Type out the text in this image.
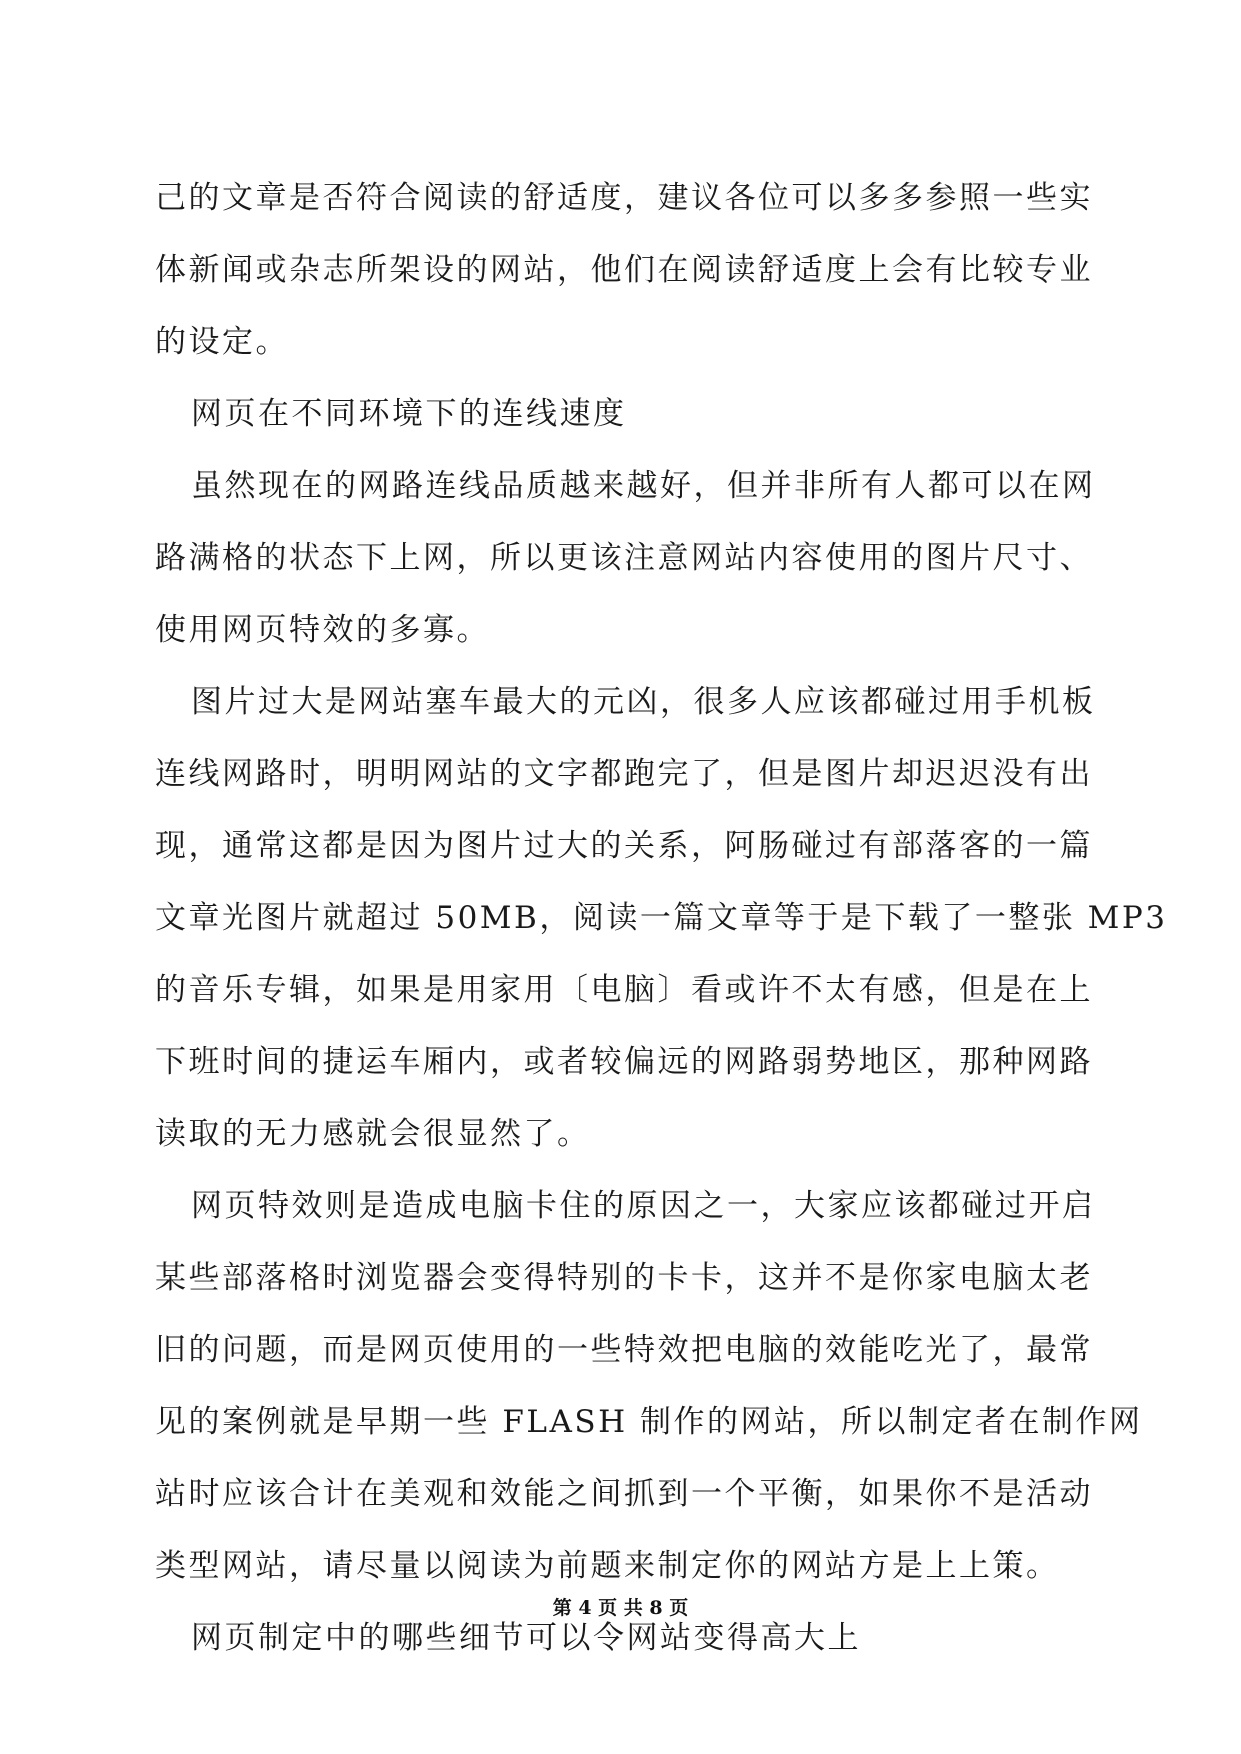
己的文章是否符合阅读的舒适度，建议各位可以多多参照一些实
体新闻或杂志所架设的网站，他们在阅读舒适度上会有比较专业
的设定。
网页在不同环境下的连线速度
虽然现在的网路连线品质越来越好，但并非所有人都可以在网
路满格的状态下上网，所以更该注意网站内容使用的图片尺寸、
使用网页特效的多寡。
图片过大是网站塞车最大的元凶，很多人应该都碰过用手机板
连线网路时，明明网站的文字都跑完了，但是图片却迟迟没有出
现，通常这都是因为图片过大的关系，阿肠碰过有部落客的一篇
文章光图片就超过 50MB，阅读一篇文章等于是下载了一整张 MP3
的音乐专辑，如果是用家用〔电脑〕看或许不太有感，但是在上
下班时间的捷运车厢内，或者较偏远的网路弱势地区，那种网路
读取的无力感就会很显然了。
网页特效则是造成电脑卡住的原因之一，大家应该都碰过开启
某些部落格时浏览器会变得特别的卡卡，这并不是你家电脑太老
旧的问题，而是网页使用的一些特效把电脑的效能吃光了，最常
见的案例就是早期一些 FLASH 制作的网站，所以制定者在制作网
站时应该合计在美观和效能之间抓到一个平衡，如果你不是活动
类型网站，请尽量以阅读为前题来制定你的网站方是上上策。
网页制定中的哪些细节可以令网站变得高大上
第 4 页 共 8 页
